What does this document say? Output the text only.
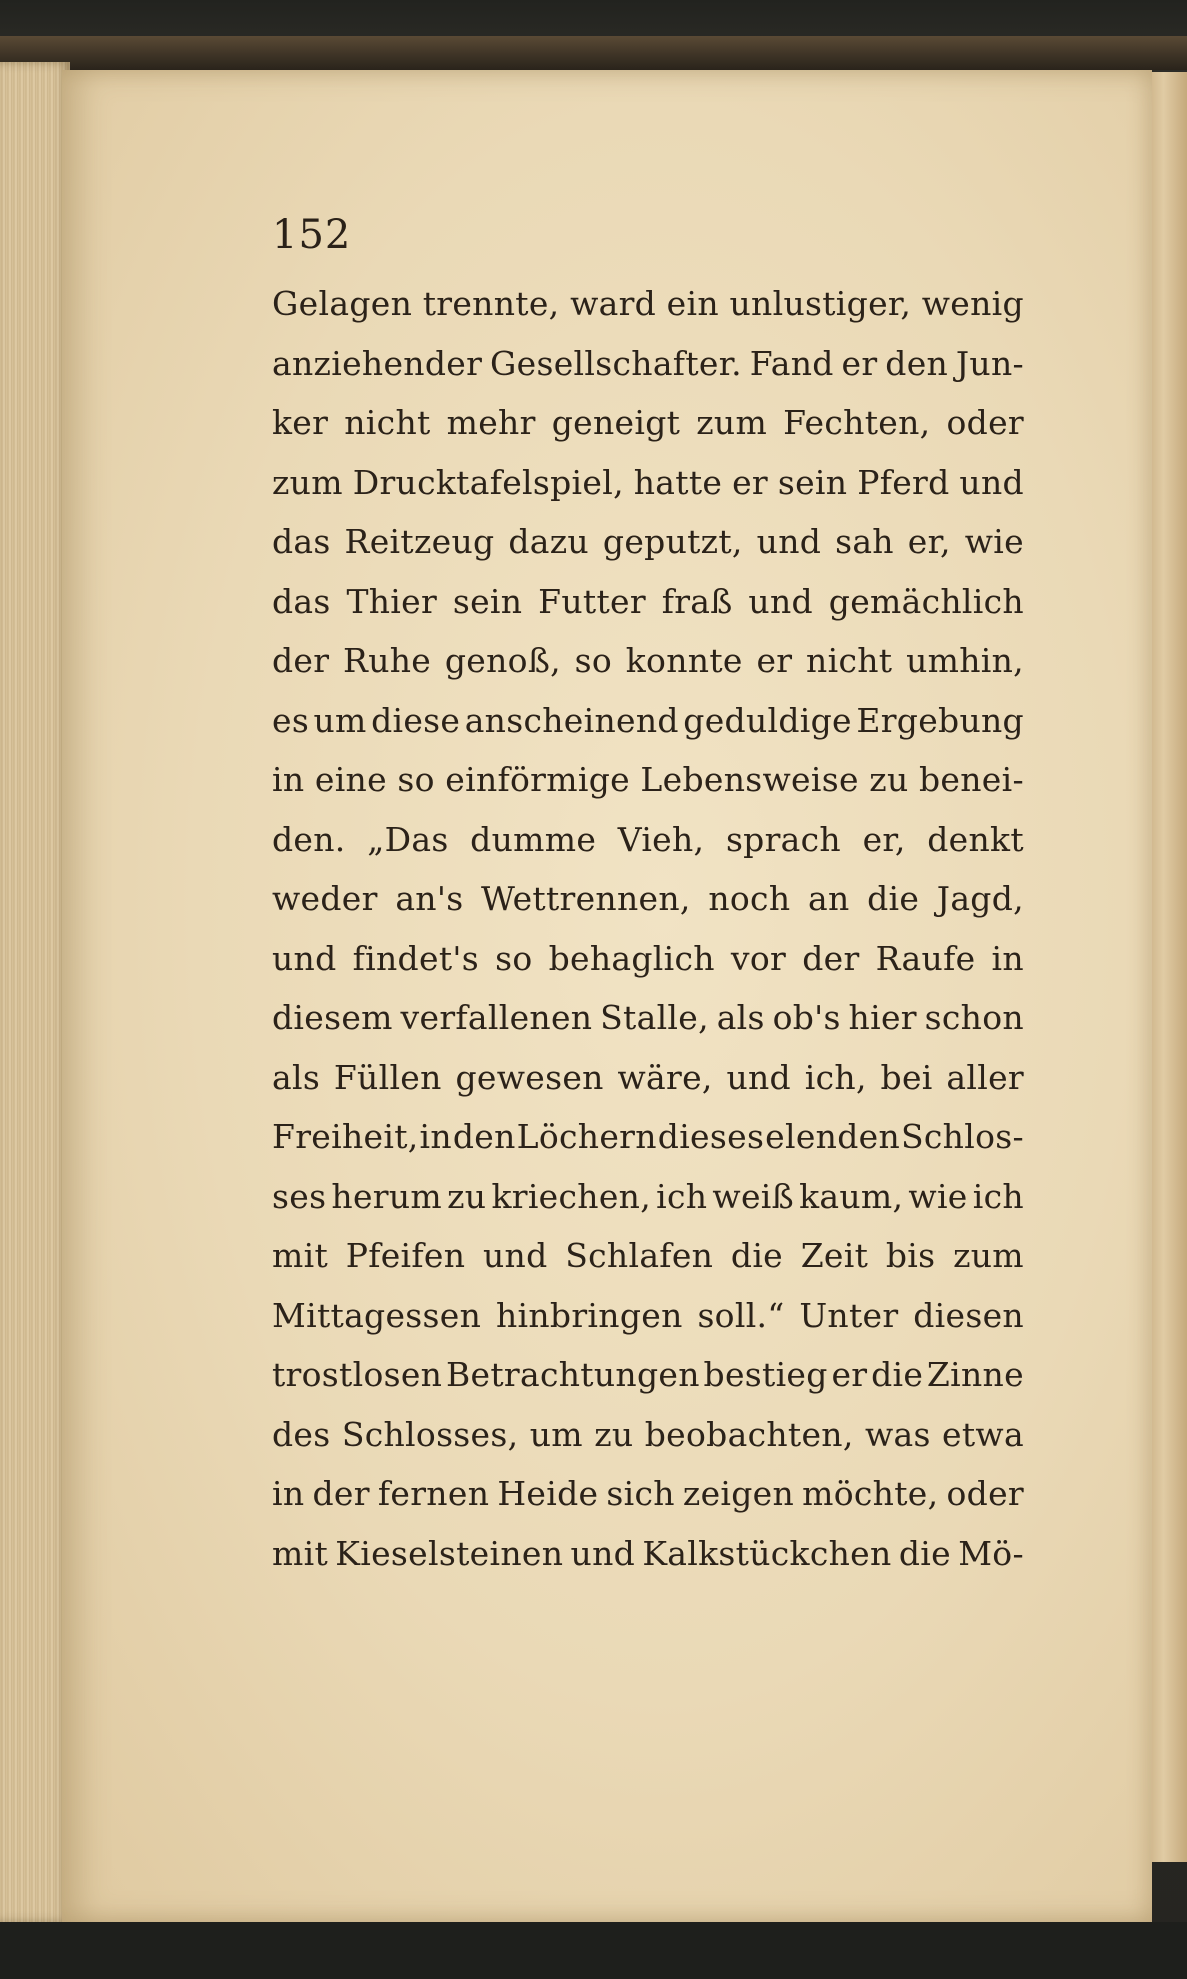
152
Gelagen trennte, ward ein unlustiger, wenig
anziehender Gesellschafter. Fand er den Jun-
ker nicht mehr geneigt zum Fechten, oder
zum Drucktafelspiel, hatte er sein Pferd und
das Reitzeug dazu geputzt, und sah er, wie
das Thier sein Futter fraß und gemächlich
der Ruhe genoß, so konnte er nicht umhin,
es um diese anscheinend geduldige Ergebung
in eine so einförmige Lebensweise zu benei-
den. „Das dumme Vieh, sprach er, denkt
weder an's Wettrennen, noch an die Jagd,
und findet's so behaglich vor der Raufe in
diesem verfallenen Stalle, als ob's hier schon
als Füllen gewesen wäre, und ich, bei aller
Freiheit, in den Löchern dieses elenden Schlos-
ses herum zu kriechen, ich weiß kaum, wie ich
mit Pfeifen und Schlafen die Zeit bis zum
Mittagessen hinbringen soll.“ Unter diesen
trostlosen Betrachtungen bestieg er die Zinne
des Schlosses, um zu beobachten, was etwa
in der fernen Heide sich zeigen möchte, oder
mit Kieselsteinen und Kalkstückchen die Mö-
